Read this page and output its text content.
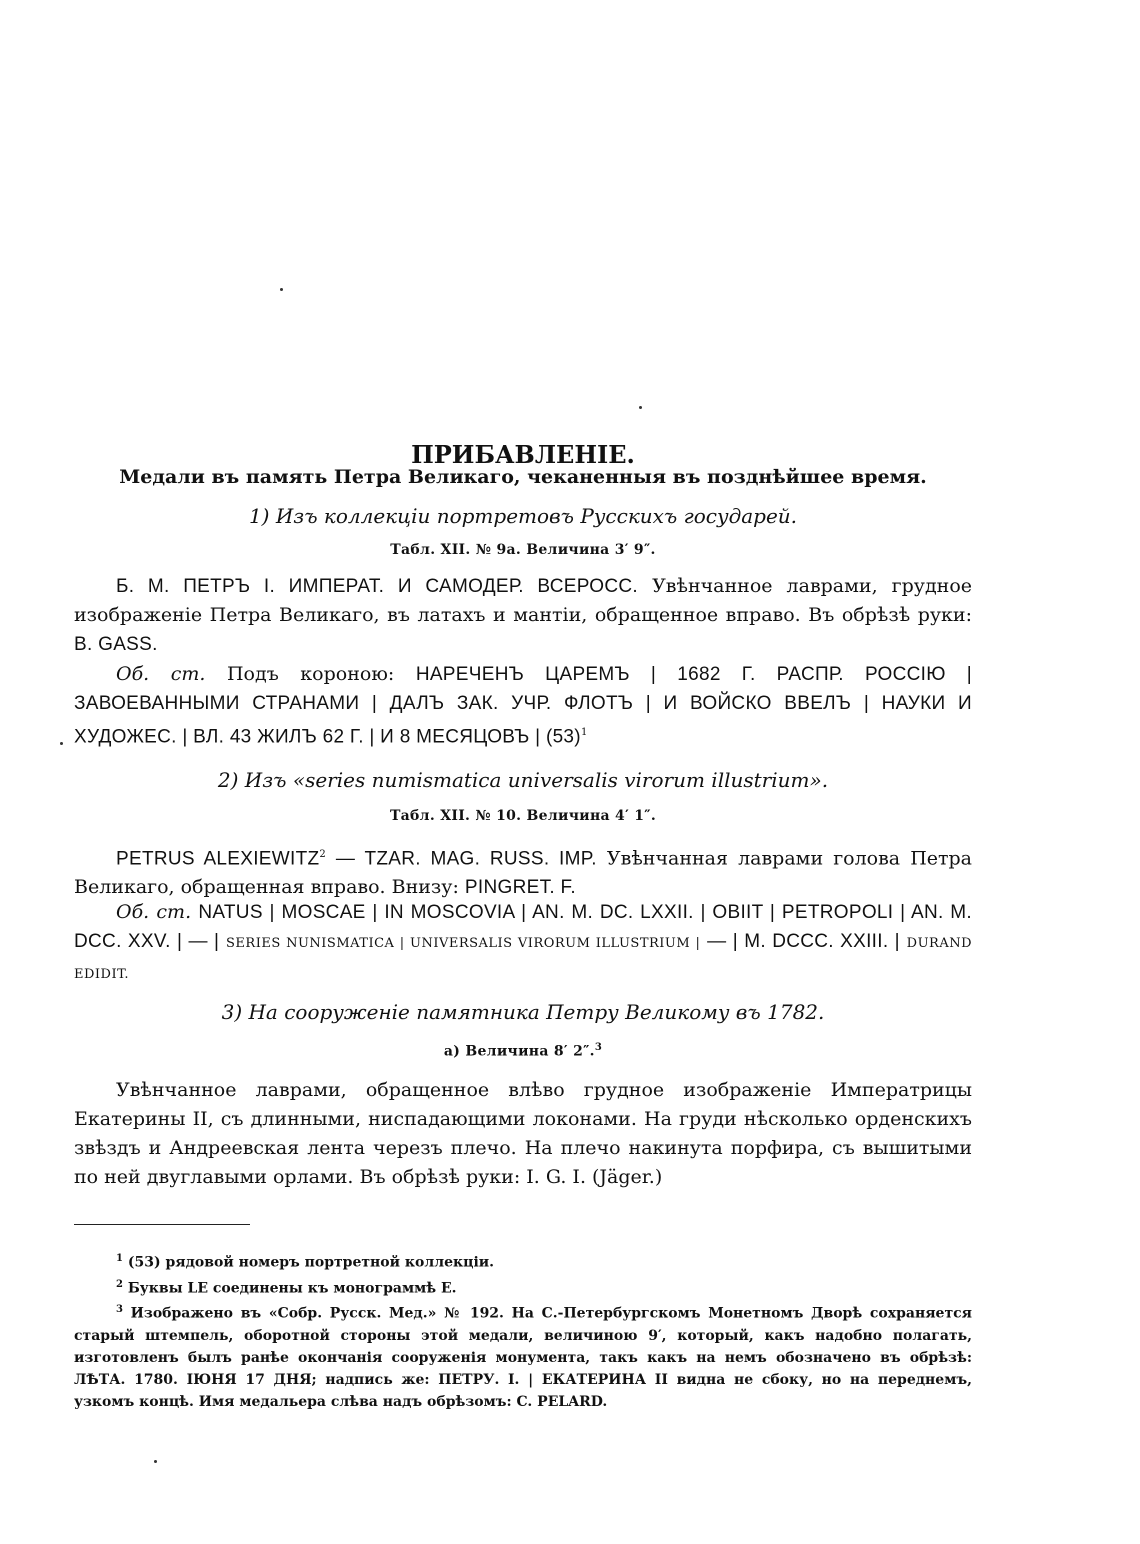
ПРИБАВЛЕНIЕ.
Медали въ память Петра Великаго, чеканенныя въ позднѣйшее время.
1) Изъ коллекцiи портретовъ Русскихъ государей.
Табл. XII. № 9а. Величина 3′ 9″.

Б. М. ПЕТРЪ I. ИМПЕРАТ. И САМОДЕР. ВСЕРОСС. Увѣнчанное лаврами, грудное изображенiе Петра Великаго, въ латахъ и мантiи, обращенное вправо. Въ обрѣзѣ руки: B. GASS.

Об. ст. Подъ короною: НАРЕЧЕНЪ ЦАРЕМЪ | 1682 Г. РАСПР. РОССIЮ | ЗАВОЕВАННЫМИ СТРАНАМИ | ДАЛЪ ЗАК. УЧР. ФЛОТЪ | И ВОЙСКО ВВЕЛЪ | НАУКИ И ХУДОЖЕС. | ВЛ. 43 ЖИЛЪ 62 Г. | И 8 МЕСЯЦОВЪ | $(53)^1$

2) Изъ «series numismatica universalis virorum illustrium».
Табл. XII. № 10. Величина 4′ 1″.

PETRUS ALEXIEWITZ$^2$ — TZAR. MAG. RUSS. IMP. Увѣнчанная лаврами голова Петра Великаго, обращенная вправо. Внизу: PINGRET. F.

Об. ст. NATUS | MOSCAE | IN MOSCOVIA | AN. M. DC. LXXII. | OBIIT | PETROPOLI | AN. M. DCC. XXV. | — | SERIES NUNISMATICA | UNIVERSALIS VIRORUM ILLUSTRIUM | — | M. DCCC. XXIII. | DURAND EDIDIT.

3) На сооруженiе памятника Петру Великому въ 1782.
а) Величина 8′ 2″.$^3$

Увѣнчанное лаврами, обращенное влѣво грудное изображенiе Императрицы Екатерины II, съ длинными, ниспадающими локонами. На груди нѣсколько орденскихъ звѣздъ и Андреевская лента черезъ плечо. На плечо накинута порфира, съ вышитыми по ней двуглавыми орлами. Въ обрѣзѣ руки: I. G. I. (Jäger.)

$^1$ (53) рядовой номеръ портретной коллекцiи.

$^2$ Буквы LE соединены къ монограммѣ Е.

$^3$ Изображено въ «Собр. Русск. Мед.» № 192. На С.-Петербургскомъ Монетномъ Дворѣ сохраняется старый штемпель, оборотной стороны этой медали, величиною 9′, который, какъ надобно полагать, изготовленъ былъ ранѣе окончанiя сооруженiя монумента, такъ какъ на немъ обозначено въ обрѣзѣ: ЛѢТА. 1780. IЮНЯ 17 ДНЯ; надпись же: ПЕТРУ. I. | ЕКАТЕРИНА II видна не сбоку, но на переднемъ, узкомъ концѣ. Имя медальера слѣва надъ обрѣзомъ: C. PELARD.
